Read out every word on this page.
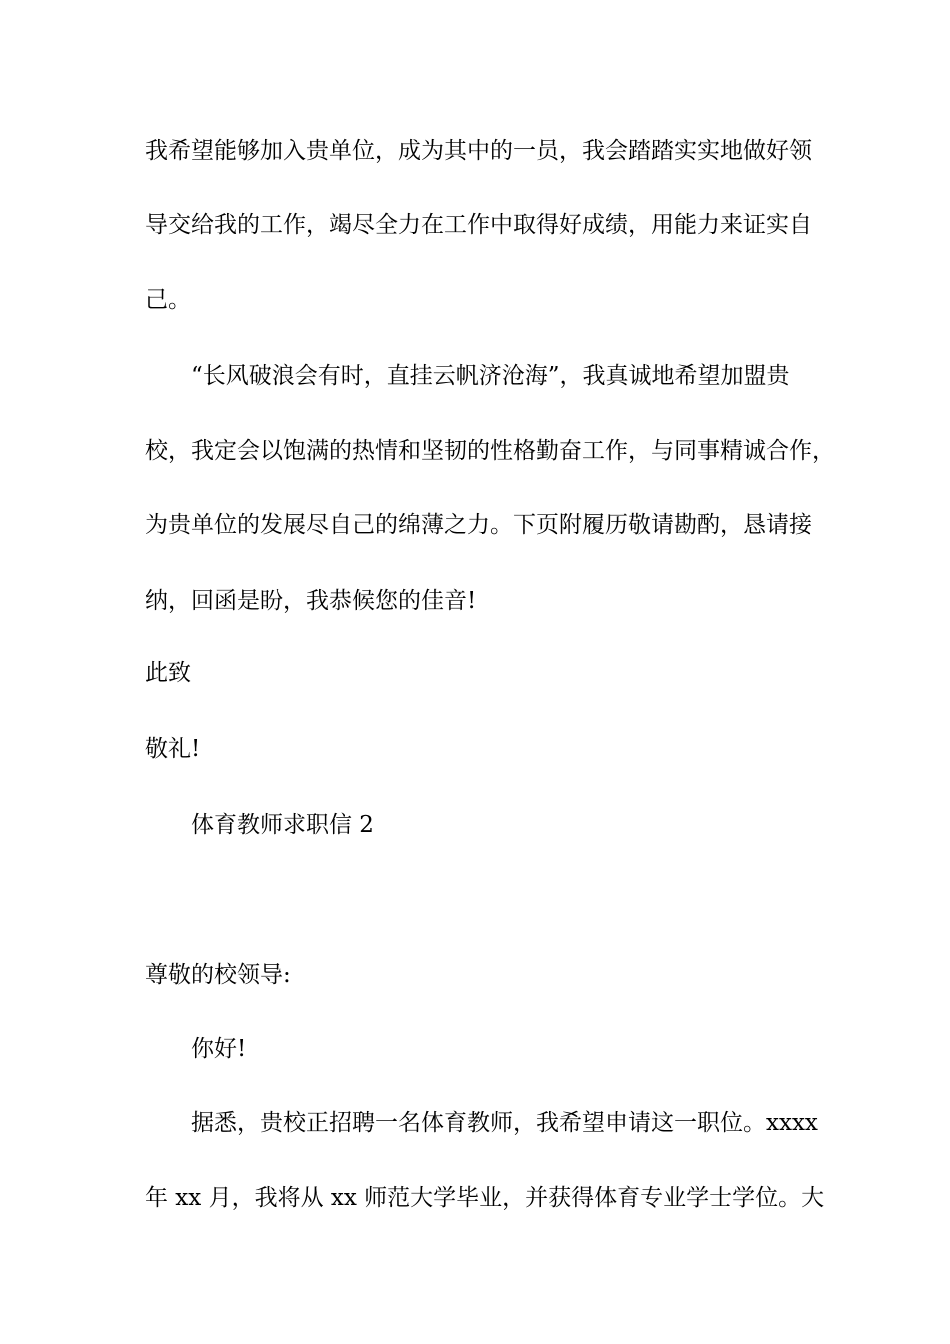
我希望能够加入贵单位，成为其中的一员，我会踏踏实实地做好领
导交给我的工作，竭尽全力在工作中取得好成绩，用能力来证实自
己。
“长风破浪会有时，直挂云帆济沧海”，我真诚地希望加盟贵
校，我定会以饱满的热情和坚韧的性格勤奋工作，与同事精诚合作，
为贵单位的发展尽自己的绵薄之力。下页附履历敬请勘酌，恳请接
纳，回函是盼，我恭候您的佳音!
此致
敬礼!
体育教师求职信 2
尊敬的校领导:
你好!
据悉，贵校正招聘一名体育教师，我希望申请这一职位。xxxx
年 xx 月，我将从 xx 师范大学毕业，并获得体育专业学士学位。大
